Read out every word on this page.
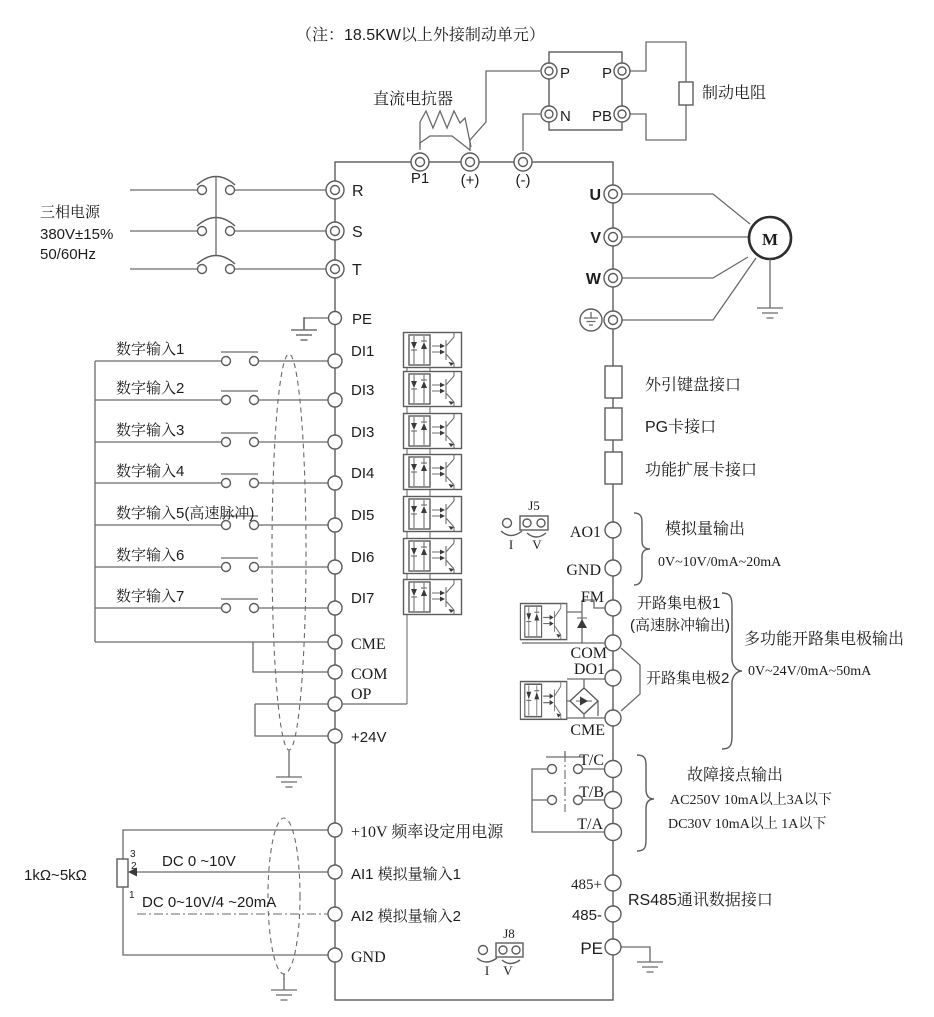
（注：18.5KW以上外接制动单元）
直流电抗器
P P
N PB
制动电阻
P1 (+) (-)
三相电源
380V±15%
50/60Hz
R
S
T
PE
数字输入1
数字输入2
数字输入3
数字输入4
数字输入5(高速脉冲)
数字输入6
数字输入7
DI1
DI3
DI3
DI4
DI5
DI6
DI7
CME
COM
OP
+24V
+10V 频率设定用电源
1kΩ~5kΩ
3
2
1
DC 0 ~10V
AI1 模拟量输入1
DC 0~10V/4 ~20mA
AI2 模拟量输入2
GND
U
V
W
M
外引键盘接口
PG卡接口
功能扩展卡接口
J5
I V
AO1
GND
模拟量输出
0V~10V/0mA~20mA
FM 开路集电极1
(高速脉冲输出)
COM
DO1
开路集电极2
CME
多功能开路集电极输出
0V~24V/0mA~50mA
T/C
T/B
T/A
故障接点输出
AC250V 10mA以上3A以下
DC30V 10mA以上 1A以下
485+
485-
RS485通讯数据接口
PE
J8
I V
